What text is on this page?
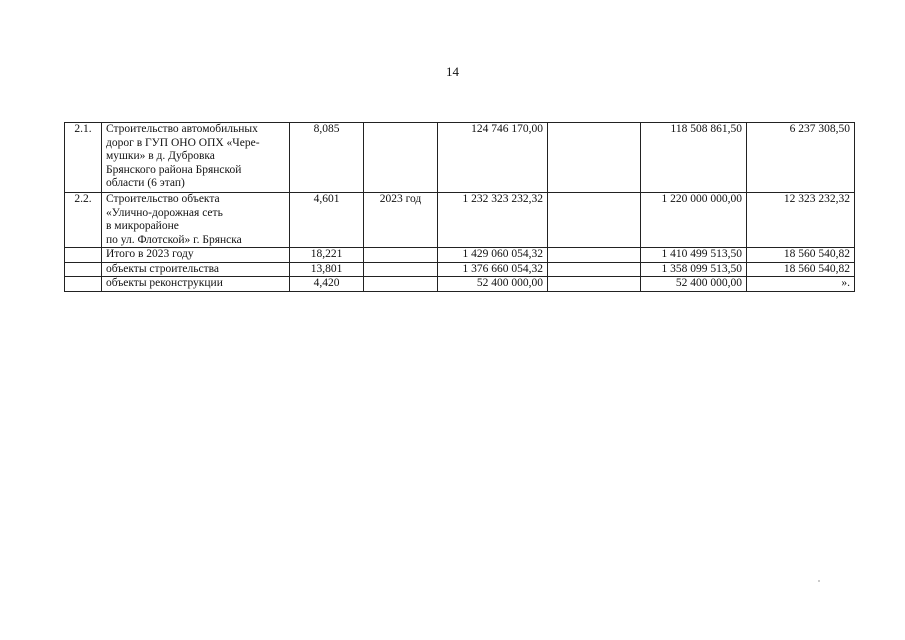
14
2.1.	Строительство автомобильных
дорог в ГУП ОНО ОПХ «Чере-
мушки» в д. Дубровка
Брянского района Брянской
области (6 этап)	8,085		124 746 170,00		118 508 861,50	6 237 308,50
2.2.	Строительство объекта
«Улично-дорожная сеть
в микрорайоне
по ул. Флотской» г. Брянска	4,601	2023 год	1 232 323 232,32		1 220 000 000,00	12 323 232,32

	Итого в 2023 году	18,221		1 429 060 054,32		1 410 499 513,50	18 560 540,82

	объекты строительства	13,801		1 376 660 054,32		1 358 099 513,50	18 560 540,82

	объекты реконструкции	4,420		52 400 000,00		52 400 000,00	».
